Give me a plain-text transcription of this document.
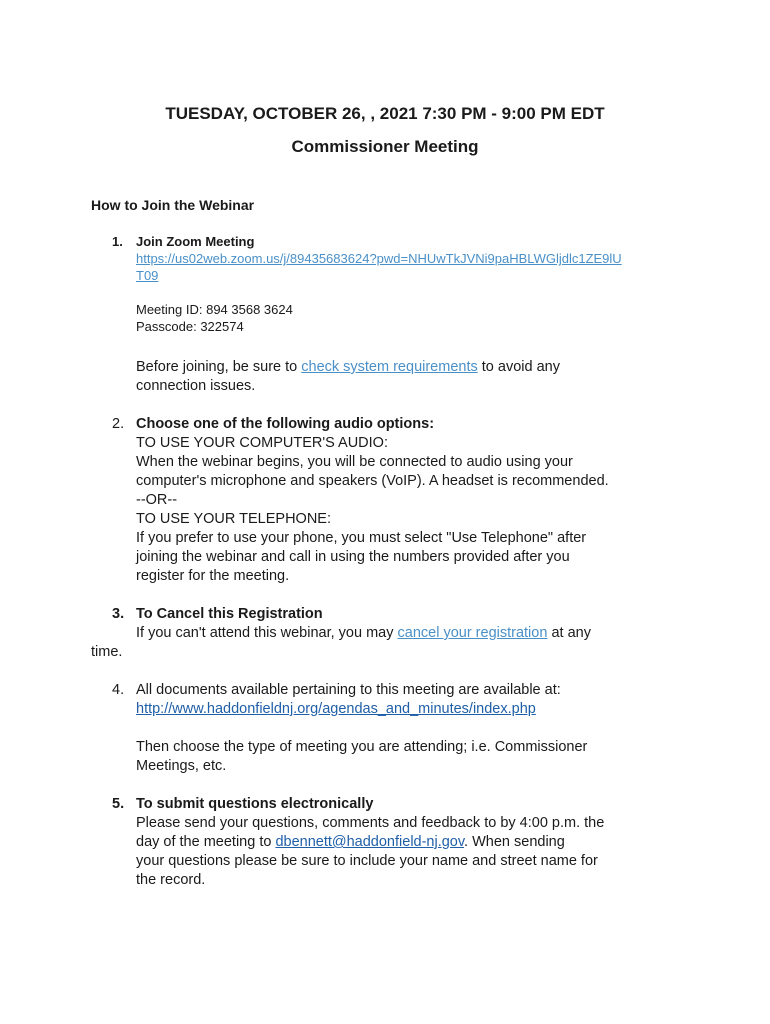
TUESDAY, OCTOBER 26, , 2021 7:30 PM - 9:00 PM EDT

Commissioner Meeting

How to Join the Webinar

1. Join Zoom Meeting
https://us02web.zoom.us/j/89435683624?pwd=NHUwTkJVNi9paHBLWGljdlc1ZE9lU
T09
Meeting ID: 894 3568 3624
Passcode: 322574
Before joining, be sure to check system requirements to avoid any
connection issues.
2. Choose one of the following audio options:
TO USE YOUR COMPUTER'S AUDIO:
When the webinar begins, you will be connected to audio using your
computer's microphone and speakers (VoIP). A headset is recommended.
--OR--
TO USE YOUR TELEPHONE:
If you prefer to use your phone, you must select "Use Telephone" after
joining the webinar and call in using the numbers provided after you
register for the meeting.
3. To Cancel this Registration
If you can't attend this webinar, you may cancel your registration at any
time.
4. All documents available pertaining to this meeting are available at:
http://www.haddonfieldnj.org/agendas_and_minutes/index.php
Then choose the type of meeting you are attending; i.e. Commissioner
Meetings, etc.
5. To submit questions electronically
Please send your questions, comments and feedback to by 4:00 p.m. the
day of the meeting to dbennett@haddonfield-nj.gov. When sending
your questions please be sure to include your name and street name for
the record.
